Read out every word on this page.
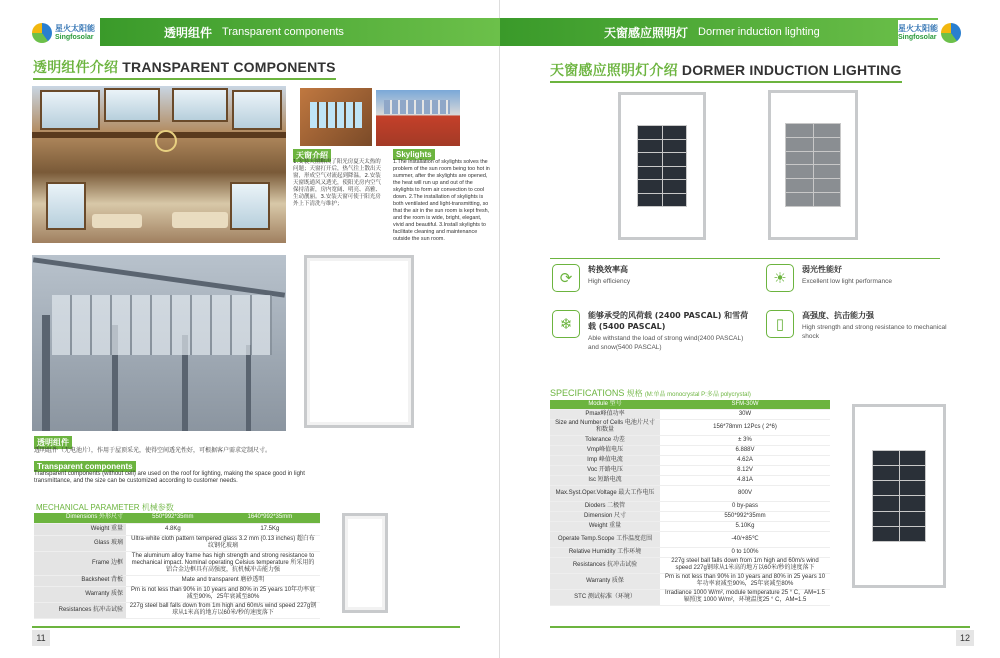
星火太阳能
Singfosolar	透明组件 Transparent components
透明组件介绍 TRANSPARENT COMPONENTS
天窗介绍	Skylights
1.安装天窗解决了阳光房夏天太热的问题；天窗打开后，热气往上散出天窗，形成空气对流起到降温。2.安装天窗既通风又透光，使阳光房内空气保持清新，房内宽阔、明亮、高雅、生动靓丽。3.安装天窗可使于阳光房外上下清洗与维护；
1.The installation of skylights solves the problem of the sun room being too hot in summer, after the skylights are opened, the heat will run up and out of the skylights to form air convection to cool down. 2.The installation of skylights is both ventilated and light-transmitting, so that the air in the sun room is kept fresh, and the room is wide, bright, elegant, vivid and beautiful. 3.Install skylights to facilitate cleaning and maintenance outside the sun room.
透明组件
透明组件（无电池片），作用于屋顶采光，使得空间透光性好，可根据客户需求定制尺寸。
Transparent components
Transparent components (without cell) are used on the roof for lighting, making the space good in light transmittance, and the size can be customized according to customer needs.
MECHANICAL PARAMETER 机械参数
Dimensions 外形尺寸	550*992*35mm	1640*992*35mm
Weight 重量	4.8Kg	17.5Kg
Glass 玻璃	Ultra-white cloth pattern tempered glass 3.2 mm (0.13 inches) 超白布纹钢化玻璃	
Frame 边框	The aluminum alloy frame has high strength and strong resistance to mechanical impact. Nominal operating Celsius temperature 所采用的铝合金边框具有高强度，抗机械冲击能力强	
Backsheet 背板	Mate and transparent 磨砂透明	
Warranty 质保	Pm is not less than 90% in 10 years and 80% in 25 years 10年功率衰减至90%，25年衰减至80%	
Resistances 抗冲击试验	227g steel ball falls down from 1m high and 60m/s wind speed 227g钢球从1米高的地方以60米/秒的速度落下	
11
天窗感应照明灯 Dormer induction lighting	星火太阳能
Singfosolar
天窗感应照明灯介绍 DORMER INDUCTION LIGHTING
⟳
转换效率高
High efficiency	☀
弱光性能好
Excellent low light performance
❄
能够承受的风荷载 (2400 PASCAL) 和雪荷载 (5400 PASCAL)
Able withstand the load of strong wind(2400 PASCAL) and snow(5400 PASCAL)
▯
高强度、抗击能力强
High strength and strong resistance to mechanical shock
SPECIFICATIONS 规格 (M:单晶 monocrystal P:多晶 polycrystal)
Module 型号	SFM-30W
Pmax峰值功率	30W
Size and Number of Cells 电池片尺寸和数量	156*78mm 12Pcs ( 2*6)
Tolerance 功差	± 3%
Vmp峰值电压	6.888V
Imp 峰值电流	4.62A
Voc 开路电压	8.12V
Isc 短路电流	4.81A
Max.Syst.Oper.Voltage 最大工作电压	800V
Dioders 二极管	0 by-pass
Dimension 尺寸	550*992*35mm
Weight 重量	5.10Kg
Operate Temp.Scope 工作温度范围	-40/+85℃
Relative Humidity 工作环境	0 to 100%
Resistances 抗冲击试验	227g steel ball falls down from 1m high and 60m/s wind speed 227g钢球从1米高的地方以60米/秒的速度落下
Warranty 质保	Pm is not less than 90% in 10 years and 80% in 25 years 10年功率衰减至90%，25年衰减至80%
STC 测试标准（环境）	Irradiance 1000 W/m², module temperature 25 ° C，AM=1.5 辐照度 1000 W/m²，环境温度25 ° C，AM=1.5
12
